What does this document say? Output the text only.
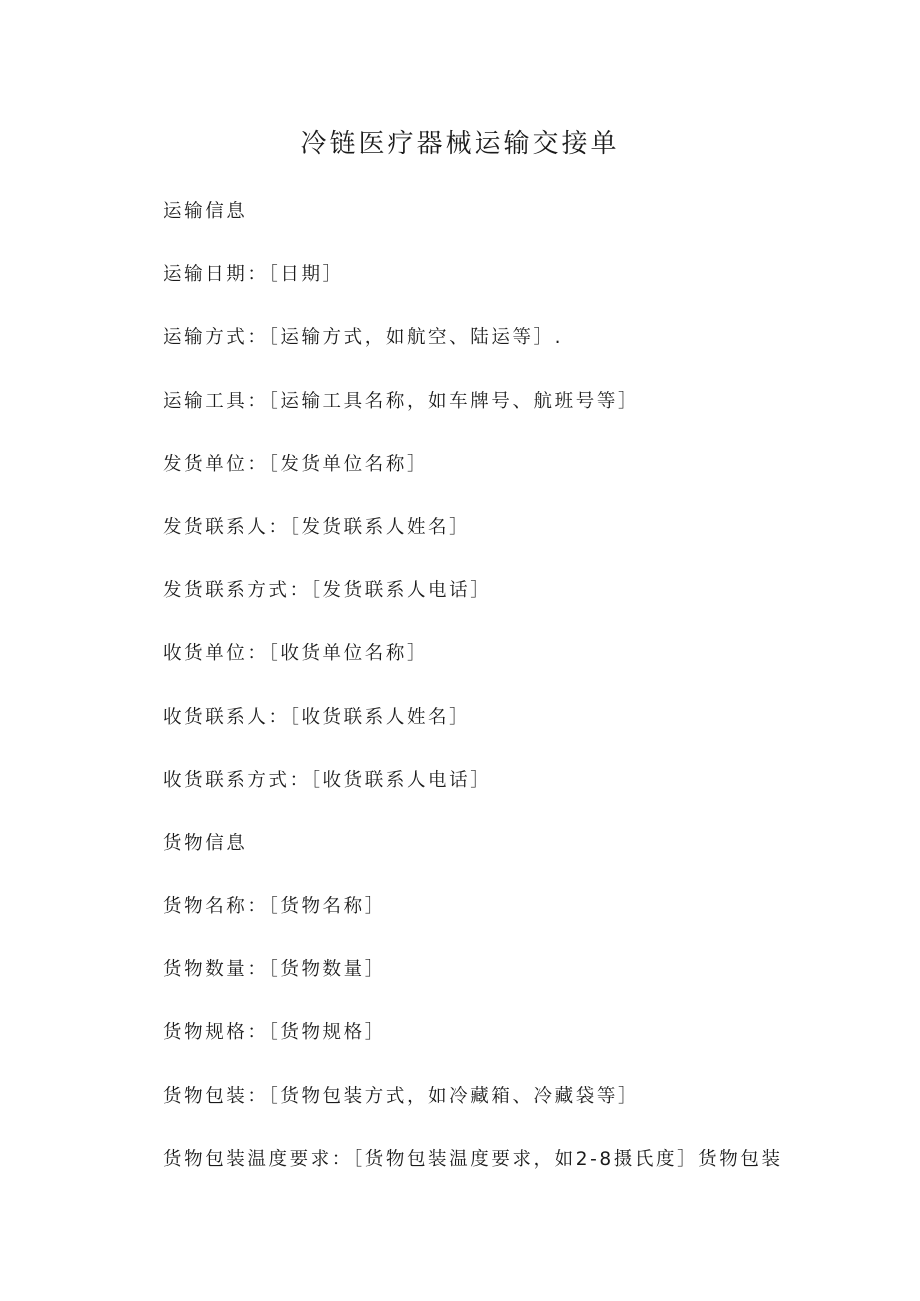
冷链医疗器械运输交接单
运输信息
运输日期：［日期］
运输方式：［运输方式，如航空、陆运等］.
运输工具：［运输工具名称，如车牌号、航班号等］
发货单位：［发货单位名称］
发货联系人：［发货联系人姓名］
发货联系方式：［发货联系人电话］
收货单位：［收货单位名称］
收货联系人：［收货联系人姓名］
收货联系方式：［收货联系人电话］
货物信息
货物名称：［货物名称］
货物数量：［货物数量］
货物规格：［货物规格］
货物包装：［货物包装方式，如冷藏箱、冷藏袋等］
货物包装温度要求：［货物包装温度要求，如2-8摄氏度］货物包装
